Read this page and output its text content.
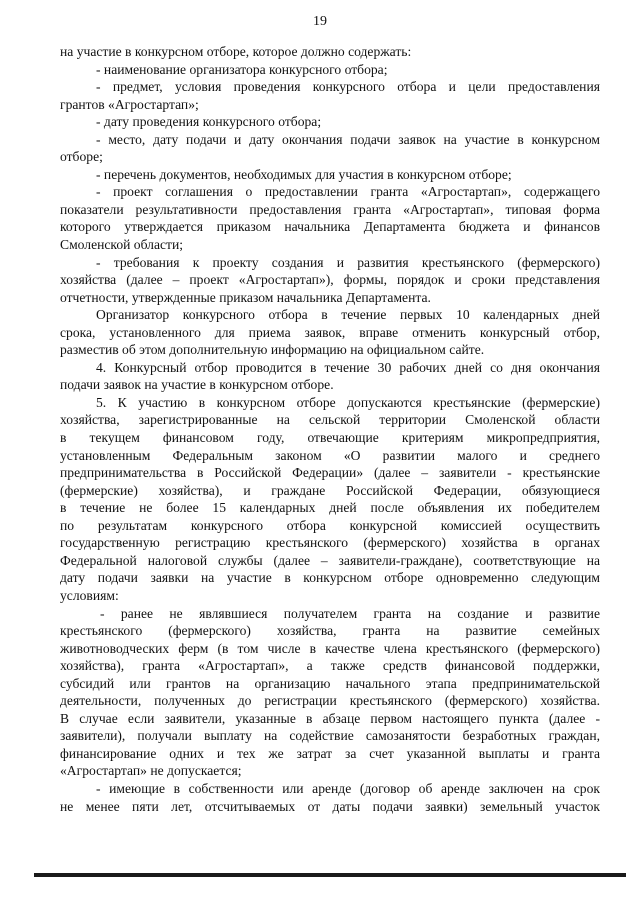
19
на участие в конкурсном отборе, которое должно содержать:
- наименование организатора конкурсного отбора;
- предмет, условия проведения конкурсного отбора и цели предоставления
грантов «Агростартап»;
- дату проведения конкурсного отбора;
- место, дату подачи и дату окончания подачи заявок на участие в конкурсном
отборе;
- перечень документов, необходимых для участия в конкурсном отборе;
- проект соглашения о предоставлении гранта «Агростартап», содержащего
показатели результативности предоставления гранта «Агростартап», типовая форма
которого утверждается приказом начальника Департамента бюджета и финансов
Смоленской области;
- требования к проекту создания и развития крестьянского (фермерского)
хозяйства (далее – проект «Агростартап»), формы, порядок и сроки представления
отчетности, утвержденные приказом начальника Департамента.
Организатор конкурсного отбора в течение первых 10 календарных дней
срока, установленного для приема заявок, вправе отменить конкурсный отбор,
разместив об этом дополнительную информацию на официальном сайте.
4. Конкурсный отбор проводится в течение 30 рабочих дней со дня окончания
подачи заявок на участие в конкурсном отборе.
5. К участию в конкурсном отборе допускаются крестьянские (фермерские)
хозяйства, зарегистрированные на сельской территории Смоленской области
в текущем финансовом году, отвечающие критериям микропредприятия,
установленным Федеральным законом «О развитии малого и среднего
предпринимательства в Российской Федерации» (далее – заявители - крестьянские
(фермерские) хозяйства), и граждане Российской Федерации, обязующиеся
в течение не более 15 календарных дней после объявления их победителем
по результатам конкурсного отбора конкурсной комиссией осуществить
государственную регистрацию крестьянского (фермерского) хозяйства в органах
Федеральной налоговой службы (далее – заявители-граждане), соответствующие на
дату подачи заявки на участие в конкурсном отборе одновременно следующим
условиям:
- ранее не являвшиеся получателем гранта на создание и развитие
крестьянского (фермерского) хозяйства, гранта на развитие семейных
животноводческих ферм (в том числе в качестве члена крестьянского (фермерского)
хозяйства), гранта «Агростартап», а также средств финансовой поддержки,
субсидий или грантов на организацию начального этапа предпринимательской
деятельности, полученных до регистрации крестьянского (фермерского) хозяйства.
В случае если заявители, указанные в абзаце первом настоящего пункта (далее -
заявители), получали выплату на содействие самозанятости безработных граждан,
финансирование одних и тех же затрат за счет указанной выплаты и гранта
«Агростартап» не допускается;
- имеющие в собственности или аренде (договор об аренде заключен на срок
не менее пяти лет, отсчитываемых от даты подачи заявки) земельный участок
